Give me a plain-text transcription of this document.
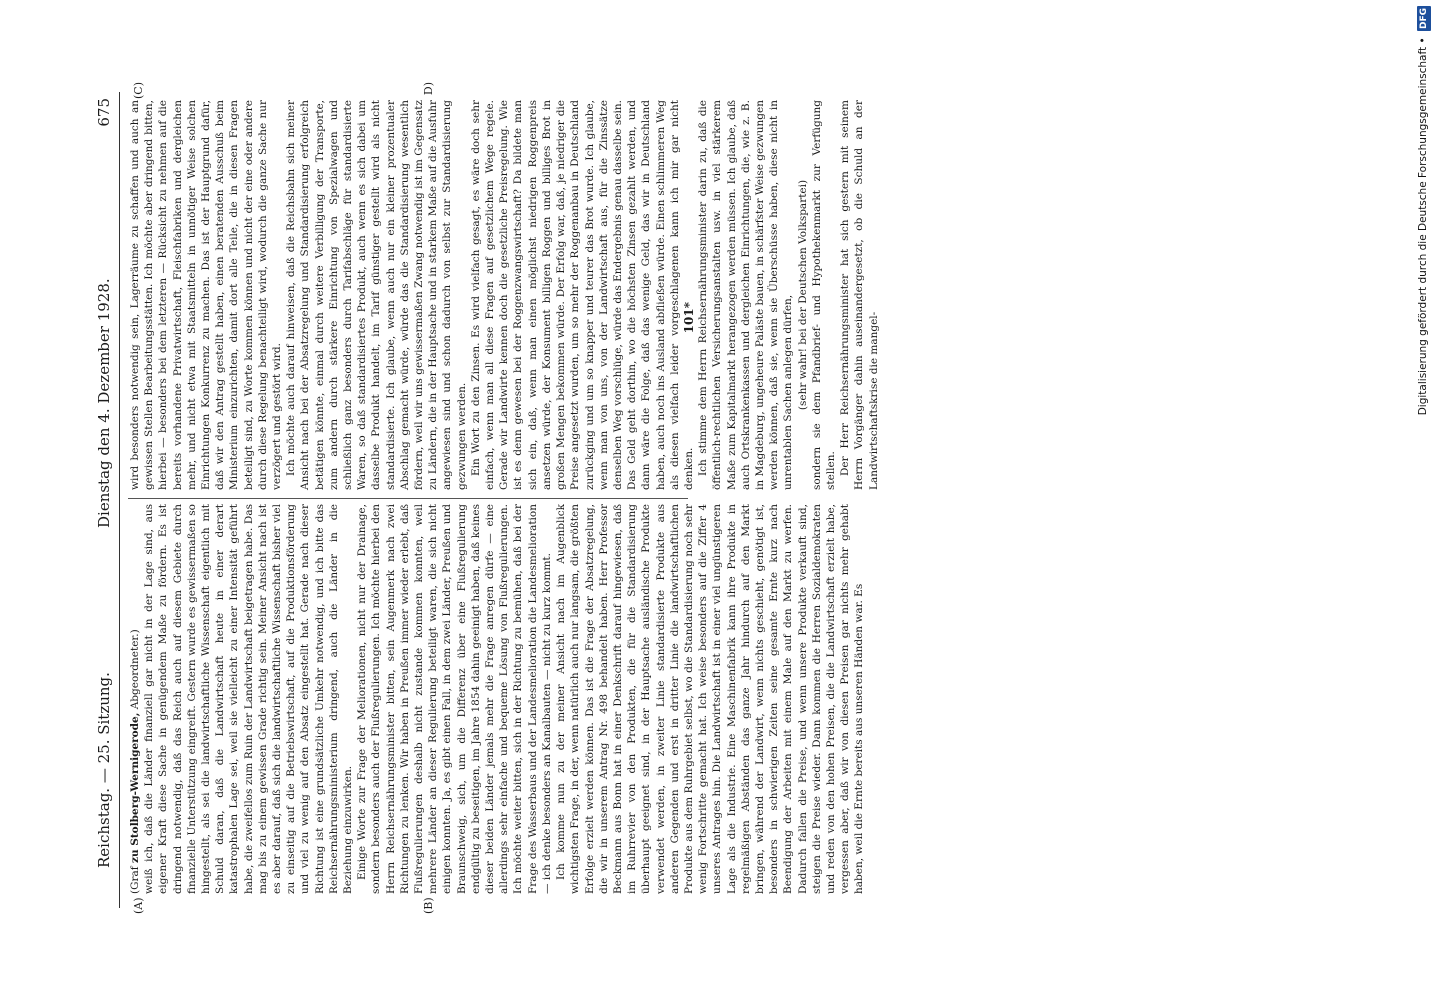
Reichstag. — 25. Sitzung.
Dienstag den 4. Dezember 1928.
675

(Graf zu Stolberg-Wernigerode, Abgeordneter.) weiß ich, daß die Länder finanziell gar nicht in der Lage sind, aus eigener Kraft diese Sache in genügendem Maße zu fördern. Es ist dringend notwendig, daß das Reich auch auf diesem Gebiete durch finanzielle Unterstützung eingreift. Gestern wurde es gewissermaßen so hingestellt, als sei die landwirtschaftliche Wissenschaft eigentlich mit Schuld daran, daß die Landwirtschaft heute in einer derart katastrophalen Lage sei, weil sie vielleicht zu einer Intensität geführt habe, die zweifellos zum Ruin der Landwirtschaft beigetragen habe. Das mag bis zu einem gewissen Grade richtig sein. Meiner Ansicht nach ist es aber darauf, daß sich die landwirtschaftliche Wissenschaft bisher viel zu einseitig auf die Betriebswirtschaft, auf die Produktionsförderung und viel zu wenig auf den Absatz eingestellt hat. Gerade nach dieser Richtung ist eine grundsätzliche Umkehr notwendig, und ich bitte das Reichsernährungsministerium dringend, auch die Länder in die Beziehung einzuwirken. Einige Worte zur Frage der Meliorationen, nicht nur der Drainage, sondern besonders auch der Flußregulierungen. Ich möchte hierbei den Herrn Reichsernährungsminister bitten, sein Augenmerk nach zwei Richtungen zu lenken. Wir haben in Preußen immer wieder erlebt, daß Flußregulierungen deshalb nicht zustande kommen konnten, weil mehrere Länder an dieser Regulierung beteiligt waren, die sich nicht einigen konnten. Ja, es gibt einen Fall, in dem zwei Länder, Preußen und Braunschweig, sich, um die Differenz über eine Flußregulierung endgültig zu beseitigen, im Jahre 1854 dahin geeinigt haben, daß keines dieser beiden Länder jemals mehr die Frage anregen dürfe — eine allerdings sehr einfache und bequeme Lösung von Flußregulierungen. Ich möchte weiter bitten, sich in der Richtung zu bemühen, daß bei der Frage des Wasserbaus und der Landesmelioration die Landesmelioration — ich denke besonders an Kanalbauten — nicht zu kurz kommt. Ich komme nun zu der meiner Ansicht nach im Augenblick wichtigsten Frage, in der, wenn natürlich auch nur langsam, die größten Erfolge erzielt werden können. Das ist die Frage der Absatzregelung, die wir in unserem Antrag Nr. 498 behandelt haben. Herr Professor Beckmann aus Bonn hat in einer Denkschrift darauf hingewiesen, daß im Ruhrrevier von den Produkten, die für die Standardisierung überhaupt geeignet sind, in der Hauptsache ausländische Produkte verwendet werden, in zweiter Linie standardisierte Produkte aus anderen Gegenden und erst in dritter Linie die landwirtschaftlichen Produkte aus dem Ruhrgebiet selbst, wo die Standardisierung noch sehr wenig Fortschritte gemacht hat. Ich weise besonders auf die Ziffer 4 unseres Antrages hin. Die Landwirtschaft ist in einer viel ungünstigeren Lage als die Industrie. Eine Maschinenfabrik kann ihre Produkte in regelmäßigen Abständen das ganze Jahr hindurch auf den Markt bringen, während der Landwirt, wenn nichts geschieht, genötigt ist, besonders in schwierigen Zeiten seine gesamte Ernte kurz nach Beendigung der Arbeiten mit einem Male auf den Markt zu werfen. Dadurch fallen die Preise, und wenn unsere Produkte verkauft sind, steigen die Preise wieder. Dann kommen die Herren Sozialdemokraten und reden von den hohen Preisen, die die Landwirtschaft erzielt habe, vergessen aber, daß wir von diesen Preisen gar nichts mehr gehabt haben, weil die Ernte bereits aus unseren Händen war. Es

wird besonders notwendig sein, Lagerräume zu schaffen und auch an gewissen Stellen Bearbeitungsstätten. Ich möchte aber dringend bitten, hierbei — besonders bei dem letzteren — Rücksicht zu nehmen auf die bereits vorhandene Privatwirtschaft, Fleischfabriken und dergleichen mehr, und nicht etwa mit Staatsmitteln in unnötiger Weise solchen Einrichtungen Konkurrenz zu machen. Das ist der Hauptgrund dafür, daß wir den Antrag gestellt haben, einen beratenden Ausschuß beim Ministerium einzurichten, damit dort alle Teile, die in diesen Fragen beteiligt sind, zu Worte kommen können und nicht der eine oder andere durch diese Regelung benachteiligt wird, wodurch die ganze Sache nur verzögert und gestört wird. Ich möchte auch darauf hinweisen, daß die Reichsbahn sich meiner Ansicht nach bei der Absatzregelung und Standardisierung erfolgreich betätigen könnte, einmal durch weitere Verbilligung der Transporte, zum andern durch stärkere Einrichtung von Spezialwagen und schließlich ganz besonders durch Tarifabschläge für standardisierte Waren, so daß standardisiertes Produkt, auch wenn es sich dabei um dasselbe Produkt handelt, im Tarif günstiger gestellt wird als nicht standardisierte. Ich glaube, wenn auch nur ein kleiner prozentualer Abschlag gemacht würde, würde das die Standardisierung wesentlich fördern, weil wir uns gewissermaßen Zwang notwendig ist im Gegensatz zu Ländern, die in der Hauptsache und in starkem Maße auf die Ausfuhr angewiesen sind und schon dadurch von selbst zur Standardisierung gezwungen werden. Ein Wort zu den Zinsen. Es wird vielfach gesagt, es wäre doch sehr einfach, wenn man all diese Fragen auf gesetzlichem Wege regele. Gerade wir Landwirte kennen doch die gesetzliche Preisregelung. Wie ist es denn gewesen bei der Roggenzwangswirtschaft? Da bildete man sich ein, daß, wenn man einen möglichst niedrigen Roggenpreis ansetzen würde, der Konsument billigen Roggen und billiges Brot in großen Mengen bekommen würde. Der Erfolg war, daß, je niedriger die Preise angesetzt wurden, um so mehr der Roggenanbau in Deutschland zurückging und um so knapper und teurer das Brot wurde. Ich glaube, wenn man von uns, von der Landwirtschaft aus, für die Zinssätze denselben Weg vorschlüge, würde das Endergebnis genau dasselbe sein. Das Geld geht dorthin, wo die höchsten Zinsen gezahlt werden, und dann wäre die Folge, daß das wenige Geld, das wir in Deutschland haben, auch noch ins Ausland abfließen würde. Einen schlimmeren Weg als diesen vielfach leider vorgeschlagenen kann ich mir gar nicht denken. Ich stimme dem Herrn Reichsernährungsminister darin zu, daß die öffentlich-rechtlichen Versicherungsanstalten usw. in viel stärkerem Maße zum Kapitalmarkt herangezogen werden müssen. Ich glaube, daß auch Ortskrankenkassen und dergleichen Einrichtungen, die, wie z. B. in Magdeburg, ungeheure Paläste bauen, in schärfster Weise gezwungen werden können, daß sie, wenn sie Überschüsse haben, diese nicht in unrentablen Sachen anlegen dürfen, (sehr wahr! bei der Deutschen Volkspartei) sondern sie dem Pfandbrief- und Hypothekenmarkt zur Verfügung stellen. Der Herr Reichsernährungsminister hat sich gestern mit seinem Herrn Vorgänger dahin auseinandergesetzt, ob die Schuld an der Landwirtschaftskrise die mangel-

(A)	(B)
(C)	D)
101*	Digitalisierung gefördert durch die Deutsche Forschungsgemeinschaft • DFG
